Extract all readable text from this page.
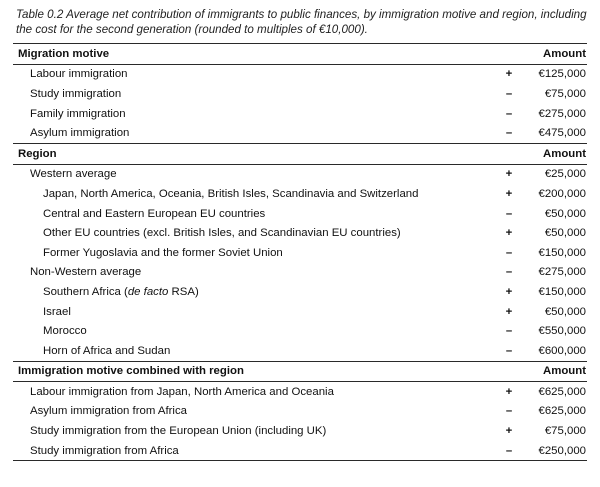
Table 0.2 Average net contribution of immigrants to public finances, by immigration motive and region, including the cost for the second generation (rounded to multiples of €10,000).
Migration motive		Amount
Labour immigration	+	€125,000
Study immigration	–	€75,000
Family immigration	–	€275,000
Asylum immigration	–	€475,000
Region		Amount
Western average	+	€25,000
Japan, North America, Oceania, British Isles, Scandinavia and Switzerland	+	€200,000
Central and Eastern European EU countries	–	€50,000
Other EU countries (excl. British Isles, and Scandinavian EU countries)	+	€50,000
Former Yugoslavia and the former Soviet Union	–	€150,000
Non-Western average	–	€275,000
Southern Africa (de facto RSA)	+	€150,000
Israel	+	€50,000
Morocco	–	€550,000
Horn of Africa and Sudan	–	€600,000
Immigration motive combined with region		Amount
Labour immigration from Japan, North America and Oceania	+	€625,000
Asylum immigration from Africa	–	€625,000
Study immigration from the European Union (including UK)	+	€75,000
Study immigration from Africa	–	€250,000
